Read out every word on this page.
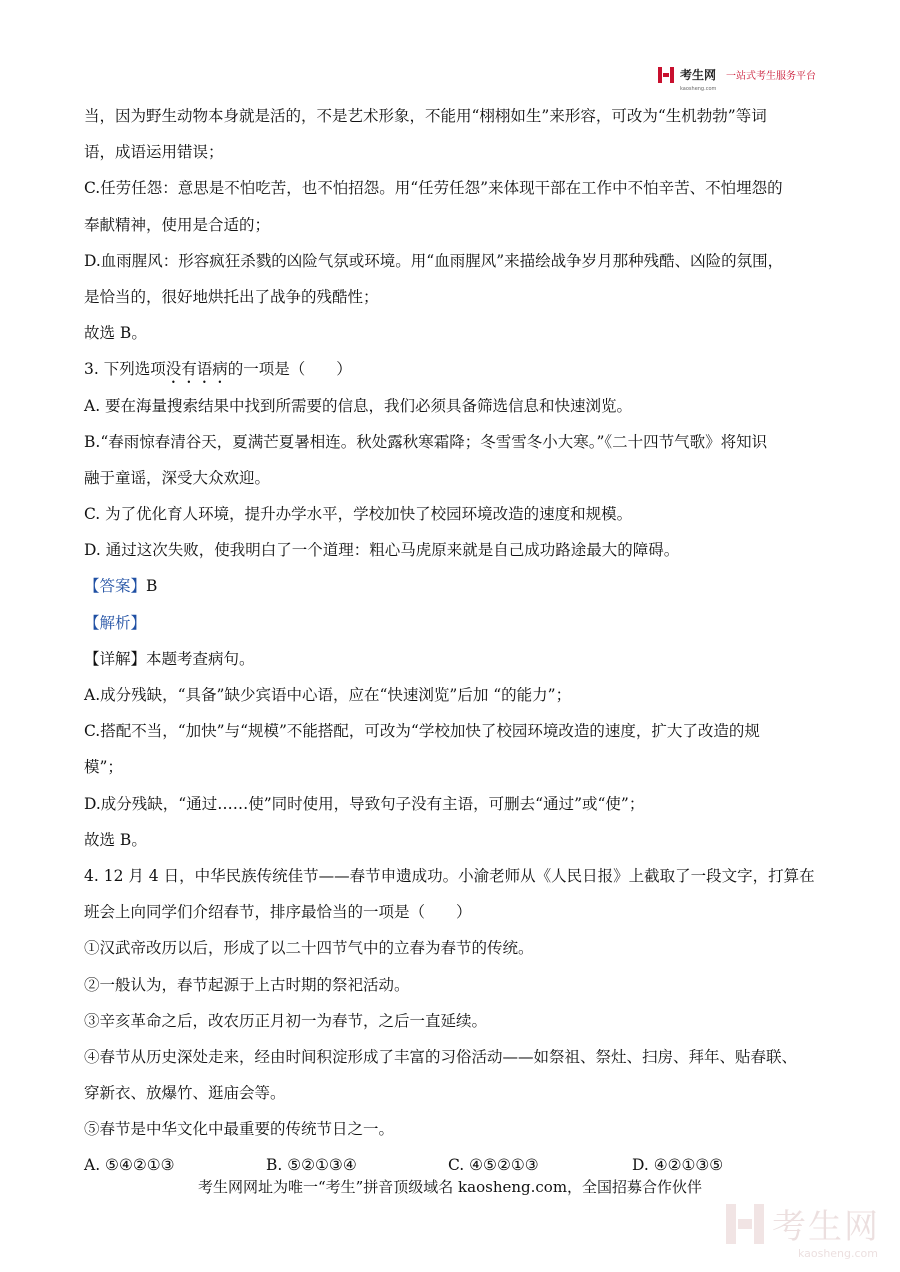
考生网
kaosheng.com
一站式考生服务平台
当，因为野生动物本身就是活的，不是艺术形象，不能用“栩栩如生”来形容，可改为“生机勃勃”等词
语，成语运用错误；
C.任劳任怨：意思是不怕吃苦，也不怕招怨。用“任劳任怨”来体现干部在工作中不怕辛苦、不怕埋怨的
奉献精神，使用是合适的；
D.血雨腥风：形容疯狂杀戮的凶险气氛或环境。用“血雨腥风”来描绘战争岁月那种残酷、凶险的氛围，
是恰当的，很好地烘托出了战争的残酷性；
故选 B。
3. 下列选项没有语病的一项是（　　）
A. 要在海量搜索结果中找到所需要的信息，我们必须具备筛选信息和快速浏览。
B.“春雨惊春清谷天，夏满芒夏暑相连。秋处露秋寒霜降；冬雪雪冬小大寒。”《二十四节气歌》将知识
融于童谣，深受大众欢迎。
C. 为了优化育人环境，提升办学水平，学校加快了校园环境改造的速度和规模。
D. 通过这次失败，使我明白了一个道理：粗心马虎原来就是自己成功路途最大的障碍。
【答案】B
【解析】
【详解】本题考查病句。
A.成分残缺，“具备”缺少宾语中心语，应在“快速浏览”后加 “的能力”；
C.搭配不当，“加快”与“规模”不能搭配，可改为“学校加快了校园环境改造的速度，扩大了改造的规
模”；
D.成分残缺，“通过……使”同时使用，导致句子没有主语，可删去“通过”或“使”；
故选 B。
4. 12 月 4 日，中华民族传统佳节——春节申遗成功。小渝老师从《人民日报》上截取了一段文字，打算在
班会上向同学们介绍春节，排序最恰当的一项是（　　）
①汉武帝改历以后，形成了以二十四节气中的立春为春节的传统。
②一般认为，春节起源于上古时期的祭祀活动。
③辛亥革命之后，改农历正月初一为春节，之后一直延续。
④春节从历史深处走来，经由时间积淀形成了丰富的习俗活动——如祭祖、祭灶、扫房、拜年、贴春联、
穿新衣、放爆竹、逛庙会等。
⑤春节是中华文化中最重要的传统节日之一。
A. ⑤④②①③	B. ⑤②①③④	C. ④⑤②①③	D. ④②①③⑤
考生网网址为唯一“考生”拼音顶级域名 kaosheng.com，全国招募合作伙伴
考生网
kaosheng.com
